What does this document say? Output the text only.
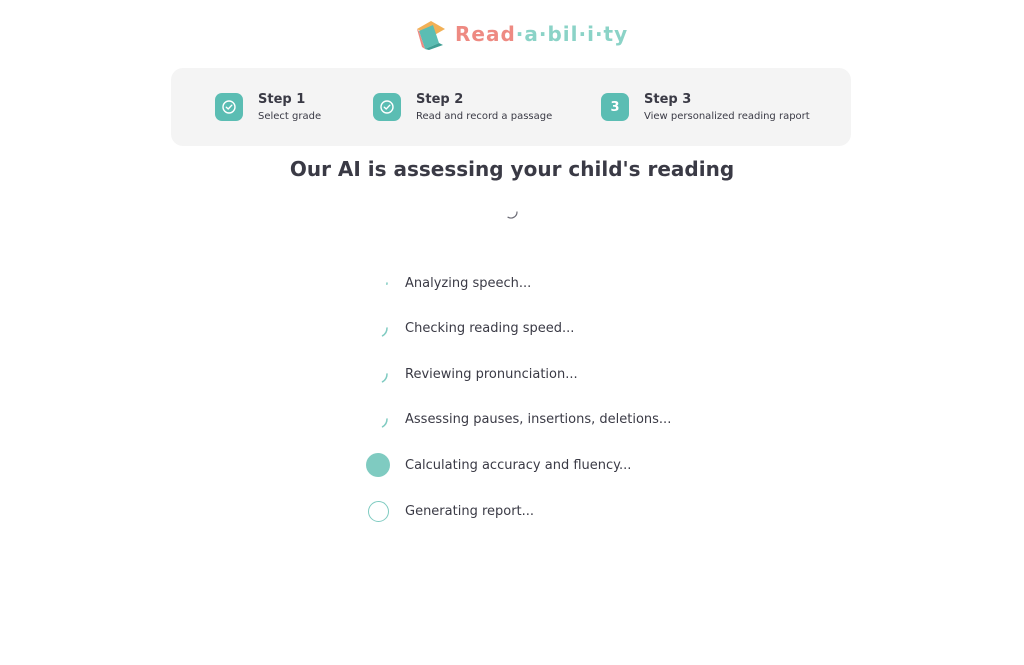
Read·a·bil·i·ty
Step 1
Select grade
Step 2
Read and record a passage
3	Step 3
View personalized reading raport
Our AI is assessing your child's reading
Analyzing speech...
Checking reading speed...
Reviewing pronunciation...
Assessing pauses, insertions, deletions...
Calculating accuracy and fluency...
Generating report...
